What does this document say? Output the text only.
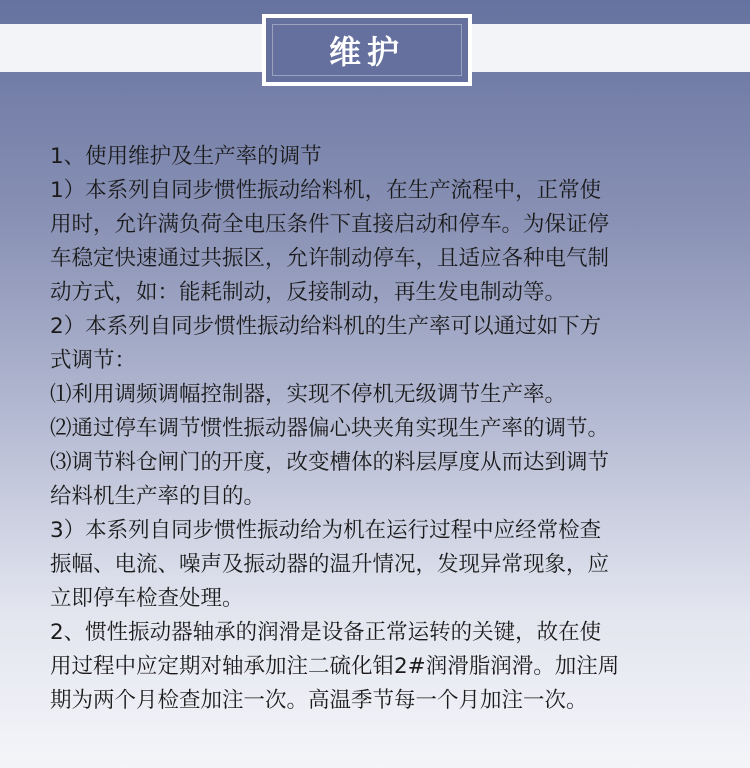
维护
1、使用维护及生产率的调节
1）本系列自同步惯性振动给料机，在生产流程中，正常使
用时，允许满负荷全电压条件下直接启动和停车。为保证停
车稳定快速通过共振区，允许制动停车，且适应各种电气制
动方式，如：能耗制动，反接制动，再生发电制动等。
2）本系列自同步惯性振动给料机的生产率可以通过如下方
式调节：
⑴利用调频调幅控制器，实现不停机无级调节生产率。
⑵通过停车调节惯性振动器偏心块夹角实现生产率的调节。
⑶调节料仓闸门的开度，改变槽体的料层厚度从而达到调节
给料机生产率的目的。
3）本系列自同步惯性振动给为机在运行过程中应经常检查
振幅、电流、噪声及振动器的温升情况，发现异常现象，应
立即停车检查处理。
2、惯性振动器轴承的润滑是设备正常运转的关键，故在使
用过程中应定期对轴承加注二硫化钼2#润滑脂润滑。加注周
期为两个月检查加注一次。高温季节每一个月加注一次。
